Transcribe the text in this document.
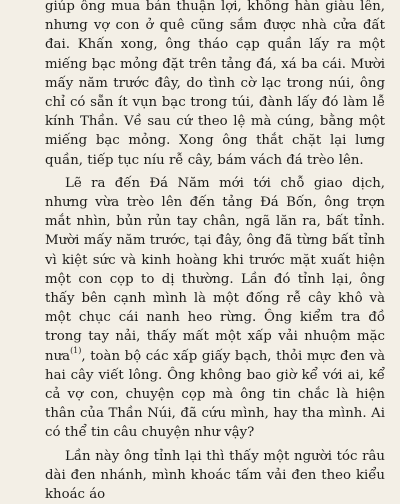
giúp ông mua bán thuận lợi, không hàn giàu lên, nhưng vợ con ở quê cũng sắm được nhà cửa đất đai. Khấn xong, ông tháo cạp quần lấy ra một miếng bạc mỏng đặt trên tảng đá, xá ba cái. Mười mấy năm trước đây, do tình cờ lạc trong núi, ông chỉ có sẵn ít vụn bạc trong túi, đành lấy đó làm lễ kính Thần. Về sau cứ theo lệ mà cúng, bằng một miếng bạc mỏng. Xong ông thắt chặt lại lưng quần, tiếp tục níu rễ cây, bám vách đá trèo lên.

Lẽ ra đến Đá Năm mới tới chỗ giao dịch, nhưng vừa trèo lên đến tảng Đá Bốn, ông trợn mắt nhìn, bủn rủn tay chân, ngã lăn ra, bất tỉnh. Mười mấy năm trước, tại đây, ông đã từng bất tỉnh vì kiệt sức và kinh hoàng khi trước mặt xuất hiện một con cọp to dị thường. Lần đó tỉnh lại, ông thấy bên cạnh mình là một đống rễ cây khô và một chục cái nanh heo rừng. Ông kiểm tra đồ trong tay nải, thấy mất một xấp vải nhuộm mặc nưa$^{(1)}$, toàn bộ các xấp giấy bạch, thỏi mực đen và hai cây viết lông. Ông không bao giờ kể với ai, kể cả vợ con, chuyện cọp mà ông tin chắc là hiện thân của Thần Núi, đã cứu mình, hay tha mình. Ai có thể tin câu chuyện như vậy?

Lần này ông tỉnh lại thì thấy một người tóc râu dài đen nhánh, mình khoác tấm vải đen theo kiểu khoác áo
